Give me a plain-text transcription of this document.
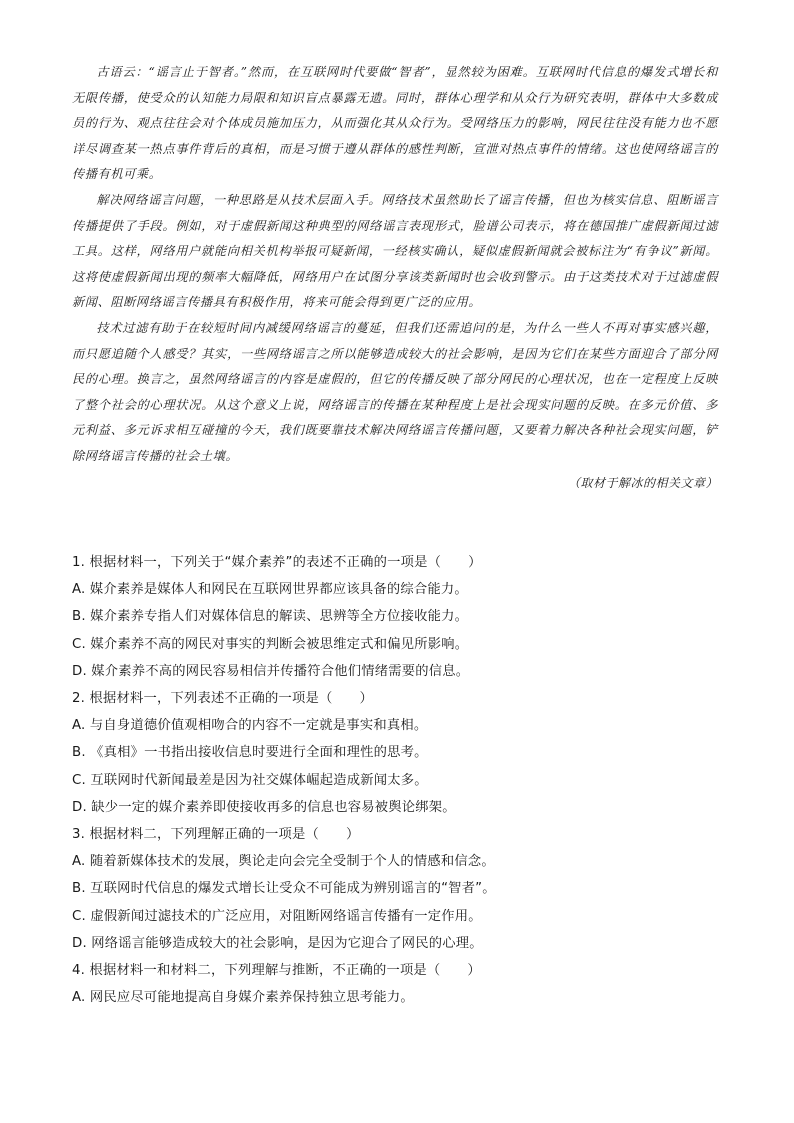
古语云：“谣言止于智者。”然而，在互联网时代要做“智者”，显然较为困难。互联网时代信息的爆发式增长和无限传播，使受众的认知能力局限和知识盲点暴露无遗。同时，群体心理学和从众行为研究表明，群体中大多数成员的行为、观点往往会对个体成员施加压力，从而强化其从众行为。受网络压力的影响，网民往往没有能力也不愿详尽调查某一热点事件背后的真相，而是习惯于遵从群体的感性判断，宣泄对热点事件的情绪。这也使网络谣言的传播有机可乘。

解决网络谣言问题，一种思路是从技术层面入手。网络技术虽然助长了谣言传播，但也为核实信息、阻断谣言传播提供了手段。例如，对于虚假新闻这种典型的网络谣言表现形式，脸谱公司表示，将在德国推广虚假新闻过滤工具。这样，网络用户就能向相关机构举报可疑新闻，一经核实确认，疑似虚假新闻就会被标注为“有争议”新闻。这将使虚假新闻出现的频率大幅降低，网络用户在试图分享该类新闻时也会收到警示。由于这类技术对于过滤虚假新闻、阻断网络谣言传播具有积极作用，将来可能会得到更广泛的应用。

技术过滤有助于在较短时间内减缓网络谣言的蔓延，但我们还需追问的是，为什么一些人不再对事实感兴趣，而只愿追随个人感受？其实，一些网络谣言之所以能够造成较大的社会影响，是因为它们在某些方面迎合了部分网民的心理。换言之，虽然网络谣言的内容是虚假的，但它的传播反映了部分网民的心理状况，也在一定程度上反映了整个社会的心理状况。从这个意义上说，网络谣言的传播在某种程度上是社会现实问题的反映。在多元价值、多元利益、多元诉求相互碰撞的今天，我们既要靠技术解决网络谣言传播问题，又要着力解决各种社会现实问题，铲除网络谣言传播的社会土壤。

（取材于解冰的相关文章）

1. 根据材料一，下列关于“媒介素养”的表述不正确的一项是（　　）
A. 媒介素养是媒体人和网民在互联网世界都应该具备的综合能力。
B. 媒介素养专指人们对媒体信息的解读、思辨等全方位接收能力。
C. 媒介素养不高的网民对事实的判断会被思维定式和偏见所影响。
D. 媒介素养不高的网民容易相信并传播符合他们情绪需要的信息。
2. 根据材料一，下列表述不正确的一项是（　　）
A. 与自身道德价值观相吻合的内容不一定就是事实和真相。
B. 《真相》一书指出接收信息时要进行全面和理性的思考。
C. 互联网时代新闻最差是因为社交媒体崛起造成新闻太多。
D. 缺少一定的媒介素养即使接收再多的信息也容易被舆论绑架。
3. 根据材料二，下列理解正确的一项是（　　）
A. 随着新媒体技术的发展，舆论走向会完全受制于个人的情感和信念。
B. 互联网时代信息的爆发式增长让受众不可能成为辨别谣言的“智者”。
C. 虚假新闻过滤技术的广泛应用，对阻断网络谣言传播有一定作用。
D. 网络谣言能够造成较大的社会影响，是因为它迎合了网民的心理。
4. 根据材料一和材料二，下列理解与推断，不正确的一项是（　　）
A. 网民应尽可能地提高自身媒介素养保持独立思考能力。
